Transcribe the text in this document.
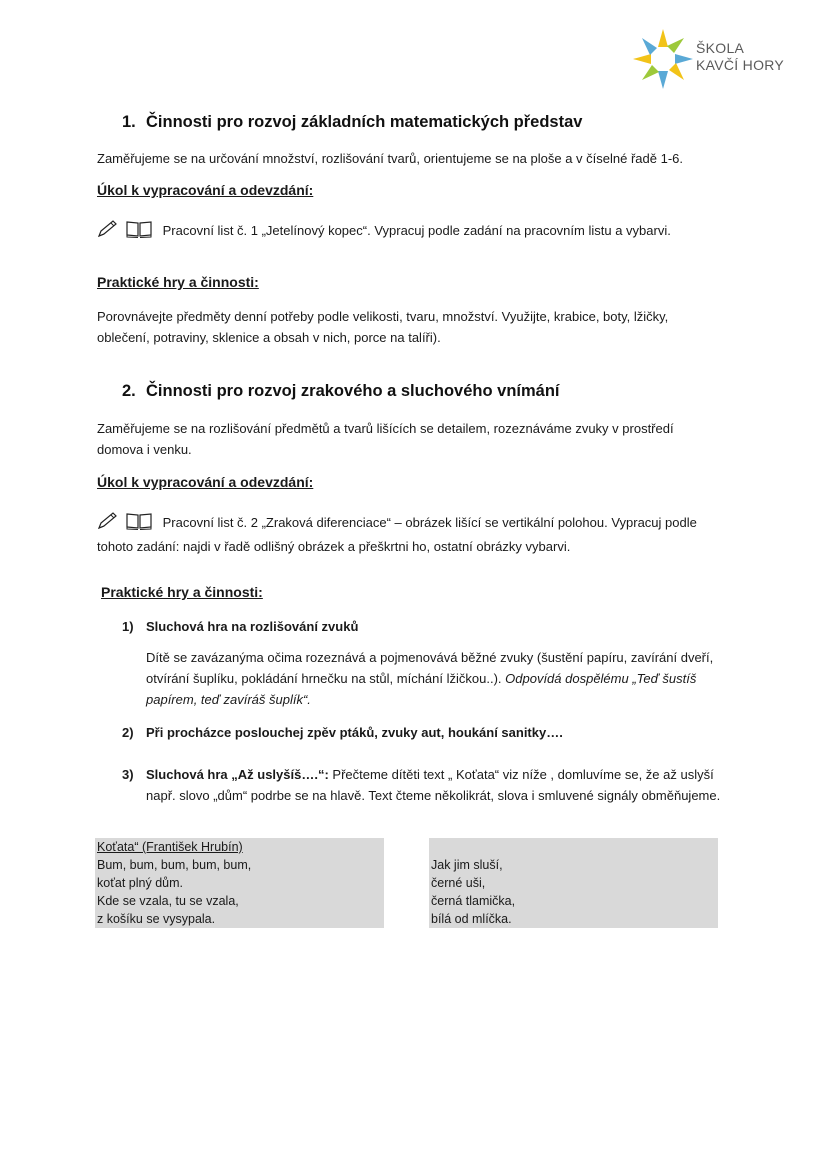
ŠKOLA
KAVČÍ HORY
1. Činnosti pro rozvoj základních matematických představ
Zaměřujeme se na určování množství, rozlišování tvarů, orientujeme se na ploše a v číselné řadě 1-6.
Úkol k vypracování a odevzdání:
Pracovní list č. 1 „Jetelínový kopec“. Vypracuj podle zadání na pracovním listu a vybarvi.
Praktické hry a činnosti:
Porovnávejte předměty denní potřeby podle velikosti, tvaru, množství. Využijte, krabice, boty, lžičky, oblečení, potraviny, sklenice a obsah v nich, porce na talíři).
2. Činnosti pro rozvoj zrakového a sluchového vnímání
Zaměřujeme se na rozlišování předmětů a tvarů lišících se detailem, rozeznáváme zvuky v prostředí domova i venku.
Úkol k vypracování a odevzdání:
Pracovní list č. 2 „Zraková diferenciace“ – obrázek lišící se vertikální polohou. Vypracuj podle tohoto zadání: najdi v řadě odlišný obrázek a přeškrtni ho, ostatní obrázky vybarvi.
Praktické hry a činnosti:
1) Sluchová hra na rozlišování zvuků
Dítě se zavázanýma očima rozeznává a pojmenovává běžné zvuky (šustění papíru, zavírání dveří, otvírání šuplíku, pokládání hrnečku na stůl, míchání lžičkou..). Odpovídá dospělému „Teď šustíš papírem, teď zavíráš šuplík“.
2) Při procházce poslouchej zpěv ptáků, zvuky aut, houkání sanitky….
3) Sluchová hra „Až uslyšíš….“: Přečteme dítěti text „ Koťata“ viz níže , domluvíme se, že až uslyší např. slovo „dům“ podrbe se na hlavě. Text čteme několikrát, slova i smluvené signály obměňujeme.
Koťata“ (František Hrubín)
Bum, bum, bum, bum, bum,
koťat plný dům.
Kde se vzala, tu se vzala,
z košíku se vysypala.
Jak jim sluší,
černé uši,
černá tlamička,
bílá od mlíčka.
